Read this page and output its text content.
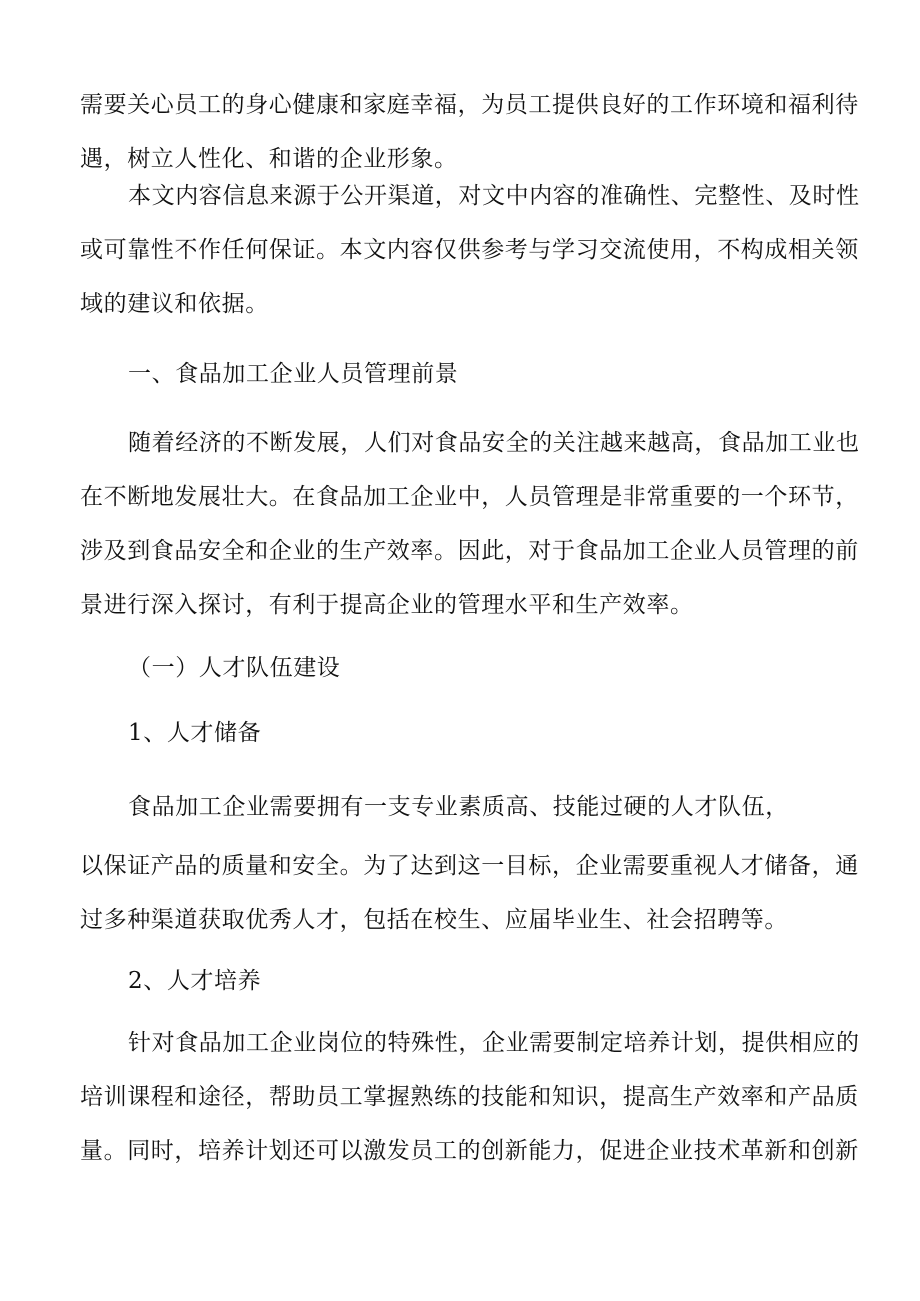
需要关心员工的身心健康和家庭幸福，为员工提供良好的工作环境和福利待
遇，树立人性化、和谐的企业形象。
本文内容信息来源于公开渠道，对文中内容的准确性、完整性、及时性
或可靠性不作任何保证。本文内容仅供参考与学习交流使用，不构成相关领
域的建议和依据。
一、食品加工企业人员管理前景
随着经济的不断发展，人们对食品安全的关注越来越高，食品加工业也
在不断地发展壮大。在食品加工企业中，人员管理是非常重要的一个环节，
涉及到食品安全和企业的生产效率。因此，对于食品加工企业人员管理的前
景进行深入探讨，有利于提高企业的管理水平和生产效率。
（一）人才队伍建设
1、人才储备
食品加工企业需要拥有一支专业素质高、技能过硬的人才队伍，
以保证产品的质量和安全。为了达到这一目标，企业需要重视人才储备，通
过多种渠道获取优秀人才，包括在校生、应届毕业生、社会招聘等。
2、人才培养
针对食品加工企业岗位的特殊性，企业需要制定培养计划，提供相应的
培训课程和途径，帮助员工掌握熟练的技能和知识，提高生产效率和产品质
量。同时，培养计划还可以激发员工的创新能力，促进企业技术革新和创新
